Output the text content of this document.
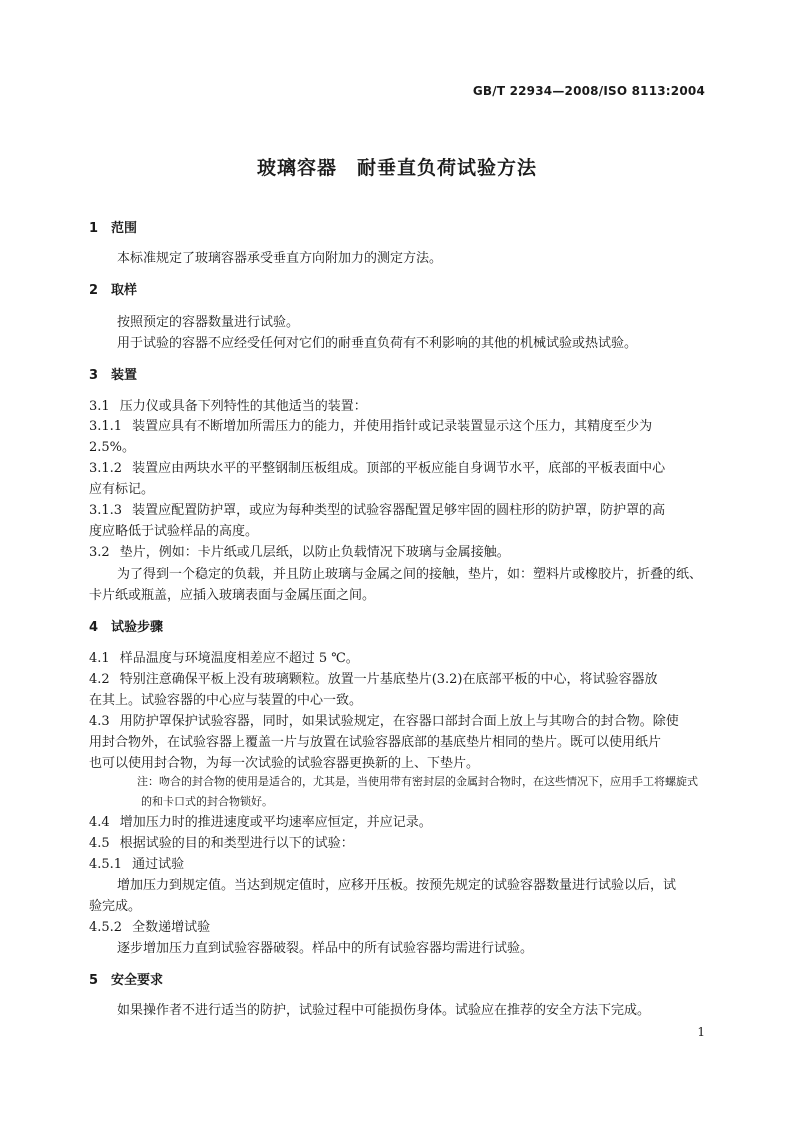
GB/T 22934—2008/ISO 8113:2004
玻璃容器　耐垂直负荷试验方法
1 范围
本标准规定了玻璃容器承受垂直方向附加力的测定方法。
2 取样
按照预定的容器数量进行试验。
用于试验的容器不应经受任何对它们的耐垂直负荷有不利影响的其他的机械试验或热试验。
3 装置
3.1 压力仪或具备下列特性的其他适当的装置：
3.1.1 装置应具有不断增加所需压力的能力，并使用指针或记录装置显示这个压力，其精度至少为
2.5%。
3.1.2 装置应由两块水平的平整钢制压板组成。顶部的平板应能自身调节水平，底部的平板表面中心
应有标记。
3.1.3 装置应配置防护罩，或应为每种类型的试验容器配置足够牢固的圆柱形的防护罩，防护罩的高
度应略低于试验样品的高度。
3.2 垫片，例如：卡片纸或几层纸，以防止负载情况下玻璃与金属接触。
为了得到一个稳定的负载，并且防止玻璃与金属之间的接触，垫片，如：塑料片或橡胶片，折叠的纸、
卡片纸或瓶盖，应插入玻璃表面与金属压面之间。
4 试验步骤
4.1 样品温度与环境温度相差应不超过 5 ℃。
4.2 特别注意确保平板上没有玻璃颗粒。放置一片基底垫片(3.2)在底部平板的中心，将试验容器放
在其上。试验容器的中心应与装置的中心一致。
4.3 用防护罩保护试验容器，同时，如果试验规定，在容器口部封合面上放上与其吻合的封合物。除使
用封合物外，在试验容器上覆盖一片与放置在试验容器底部的基底垫片相同的垫片。既可以使用纸片
也可以使用封合物，为每一次试验的试验容器更换新的上、下垫片。
注：吻合的封合物的使用是适合的，尤其是，当使用带有密封层的金属封合物时，在这些情况下，应用手工将螺旋式
的和卡口式的封合物锁好。
4.4 增加压力时的推进速度或平均速率应恒定，并应记录。
4.5 根据试验的目的和类型进行以下的试验：
4.5.1 通过试验
增加压力到规定值。当达到规定值时，应移开压板。按预先规定的试验容器数量进行试验以后，试
验完成。
4.5.2 全数递增试验
逐步增加压力直到试验容器破裂。样品中的所有试验容器均需进行试验。
5 安全要求
如果操作者不进行适当的防护，试验过程中可能损伤身体。试验应在推荐的安全方法下完成。
1
